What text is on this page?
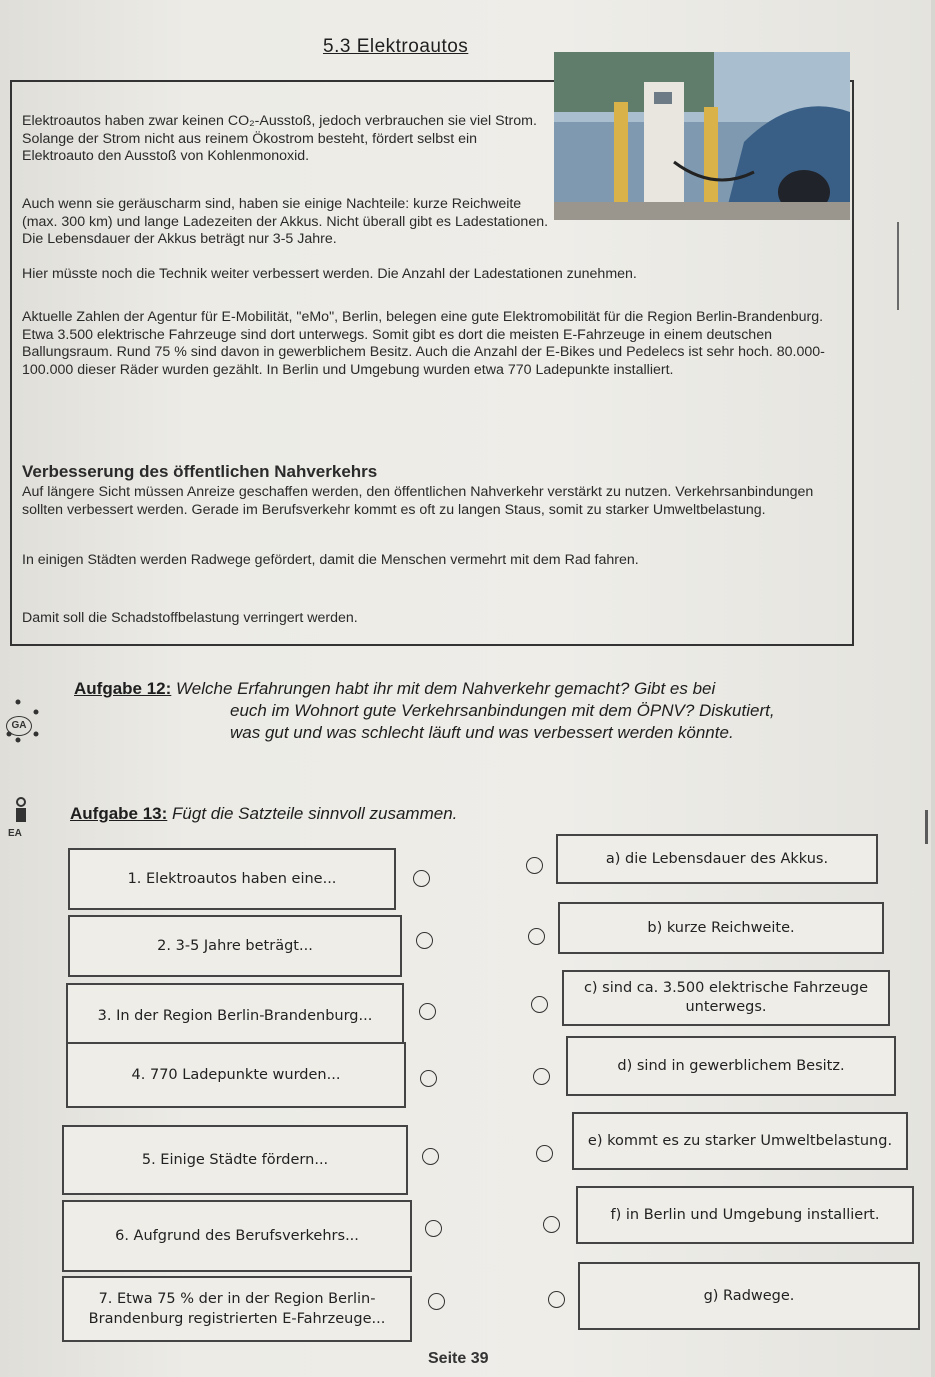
5.3 Elektroautos
Elektroautos haben zwar keinen CO₂-Ausstoß, jedoch verbrauchen sie viel Strom. Solange der Strom nicht aus reinem Ökostrom besteht, fördert selbst ein Elektroauto den Ausstoß von Kohlenmonoxid.
Auch wenn sie geräuscharm sind, haben sie einige Nachteile: kurze Reichweite (max. 300 km) und lange Ladezeiten der Akkus. Nicht überall gibt es Ladestationen. Die Lebensdauer der Akkus beträgt nur 3-5 Jahre.
Hier müsste noch die Technik weiter verbessert werden. Die Anzahl der Ladestationen zunehmen.
Aktuelle Zahlen der Agentur für E-Mobilität, "eMo", Berlin, belegen eine gute Elektromobilität für die Region Berlin-Brandenburg. Etwa 3.500 elektrische Fahrzeuge sind dort unterwegs. Somit gibt es dort die meisten E-Fahrzeuge in einem deutschen Ballungsraum. Rund 75 % sind davon in gewerblichem Besitz. Auch die Anzahl der E-Bikes und Pedelecs ist sehr hoch. 80.000-100.000 dieser Räder wurden gezählt. In Berlin und Umgebung wurden etwa 770 Ladepunkte installiert.
Verbesserung des öffentlichen Nahverkehrs
Auf längere Sicht müssen Anreize geschaffen werden, den öffentlichen Nahverkehr verstärkt zu nutzen. Verkehrsanbindungen sollten verbessert werden. Gerade im Berufsverkehr kommt es oft zu langen Staus, somit zu starker Umweltbelastung.
In einigen Städten werden Radwege gefördert, damit die Menschen vermehrt mit dem Rad fahren.
Damit soll die Schadstoffbelastung verringert werden.
GA
EA
Aufgabe 12: Welche Erfahrungen habt ihr mit dem Nahverkehr gemacht? Gibt es bei
euch im Wohnort gute Verkehrsanbindungen mit dem ÖPNV? Diskutiert,
was gut und was schlecht läuft und was verbessert werden könnte.
Aufgabe 13: Fügt die Satzteile sinnvoll zusammen.
1. Elektroautos haben eine...
2. 3-5 Jahre beträgt...
3. In der Region Berlin-Brandenburg...
4. 770 Ladepunkte wurden...
5. Einige Städte fördern...
6. Aufgrund des Berufsverkehrs...
7. Etwa 75 % der in der Region Berlin-Brandenburg registrierten E-Fahrzeuge...
a) die Lebensdauer des Akkus.
b) kurze Reichweite.
c) sind ca. 3.500 elektrische Fahrzeuge unterwegs.
d) sind in gewerblichem Besitz.
e) kommt es zu starker Umweltbelastung.
f) in Berlin und Umgebung installiert.
g) Radwege.
Seite 39
